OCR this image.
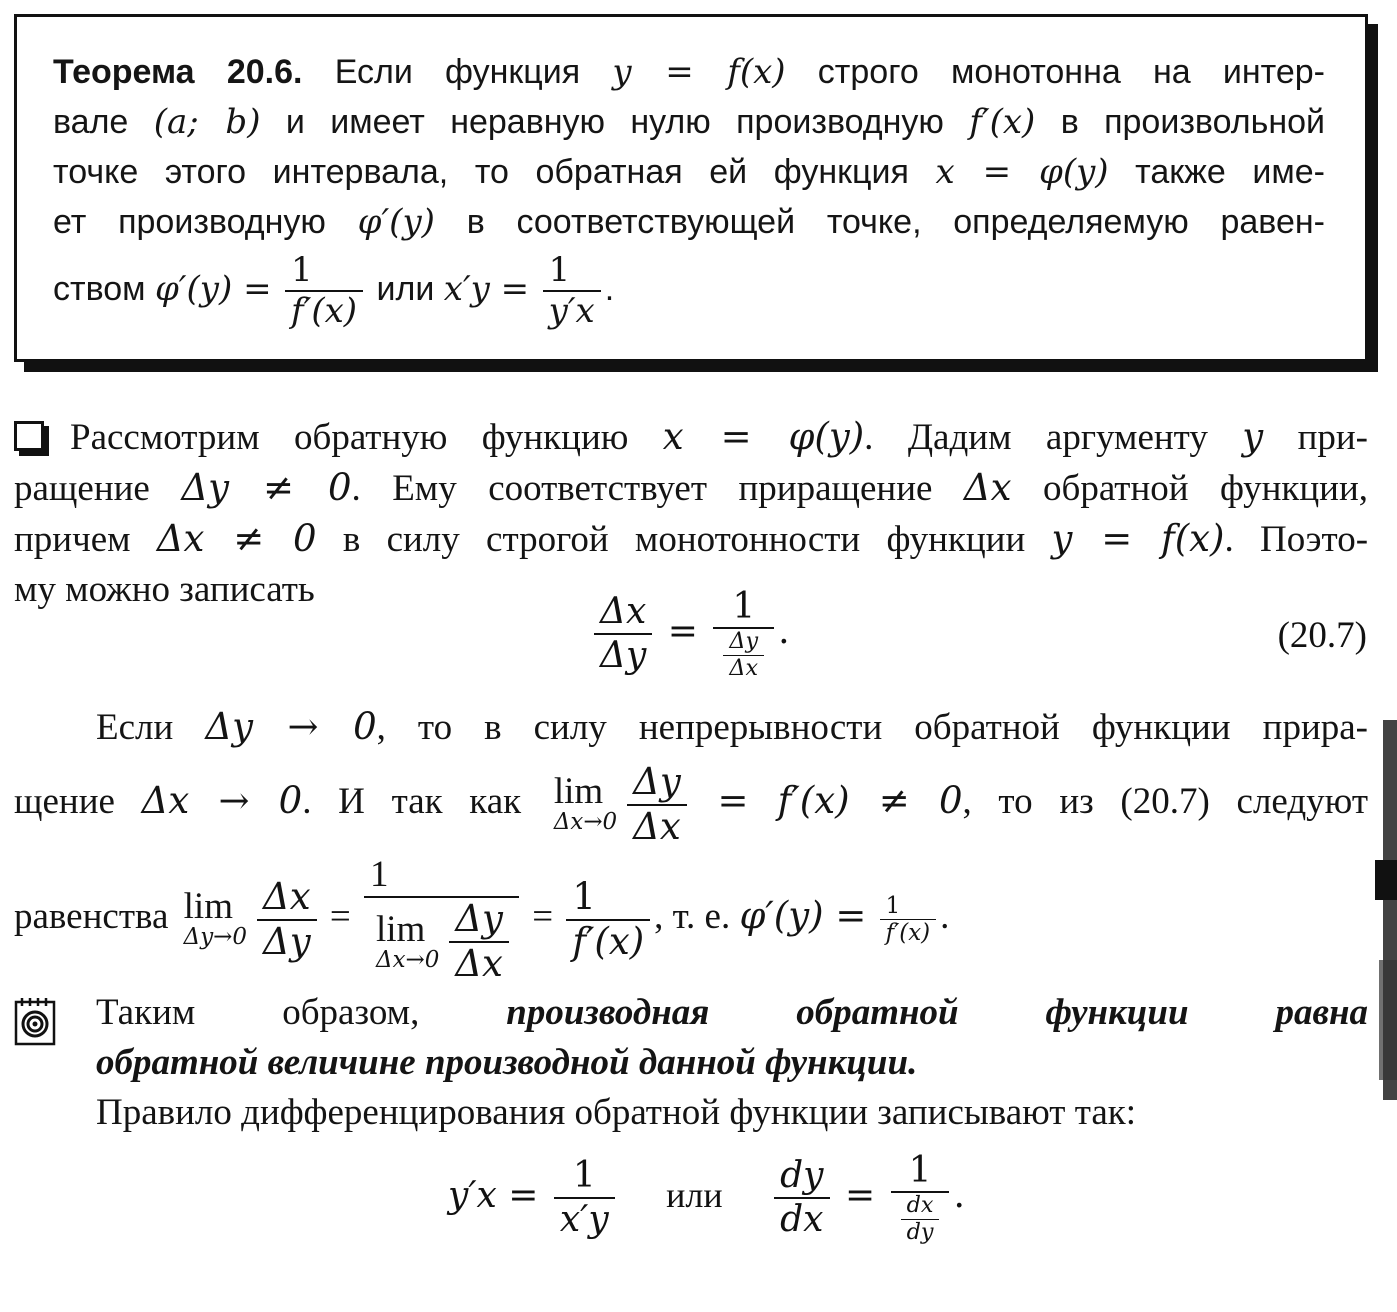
Теорема 20.6. Если функция y = f(x) строго монотонна на интер-
вале (a; b) и имеет неравную нулю производную f′(x) в произвольной
точке этого интервала, то обратная ей функция x = φ(y) также име-
ет производную φ′(y) в соответствующей точке, определяемую равен-
ством $\varphi'(y) = \frac{1}{f'(x)}$ или $x'y = \frac{1}{y'x}$ .
Рассмотрим обратную функцию x = φ(y). Дадим аргументу y при-
ращение Δy ≠ 0. Ему соответствует приращение Δx обратной функции,
причем Δx ≠ 0 в силу строгой монотонности функции y = f(x). Поэто-
му можно записать
$\frac{\Delta x}{\Delta y} = \frac{1}{\frac{\Delta y}{\Delta x}}$ .	(20.7)
Если Δy → 0, то в силу непрерывности обратной функции прира-
щение Δx → 0. И так как lim
$\Delta x\to 0 \frac{\Delta y}{\Delta x} = f'(x) \ne 0$, то из (20.7) следуют
равенства lim
$\Delta y\to 0 \frac{\Delta x}{\Delta y}$ =
1
lim
$\Delta x\to 0 \frac{\Delta y}{\Delta x} = \frac{1}{f'(x)}$ , т. е. $\varphi'(y) = \frac{1}{f'(x)}$ .
Таким образом, производная обратной функции равна
обратной величине производной данной функции.
Правило дифференцирования обратной функции записывают так:
$y'x = \frac{1}{x'y}$ или $\frac{dy}{dx} = \frac{1}{\frac{dx}{dy}}$ .
